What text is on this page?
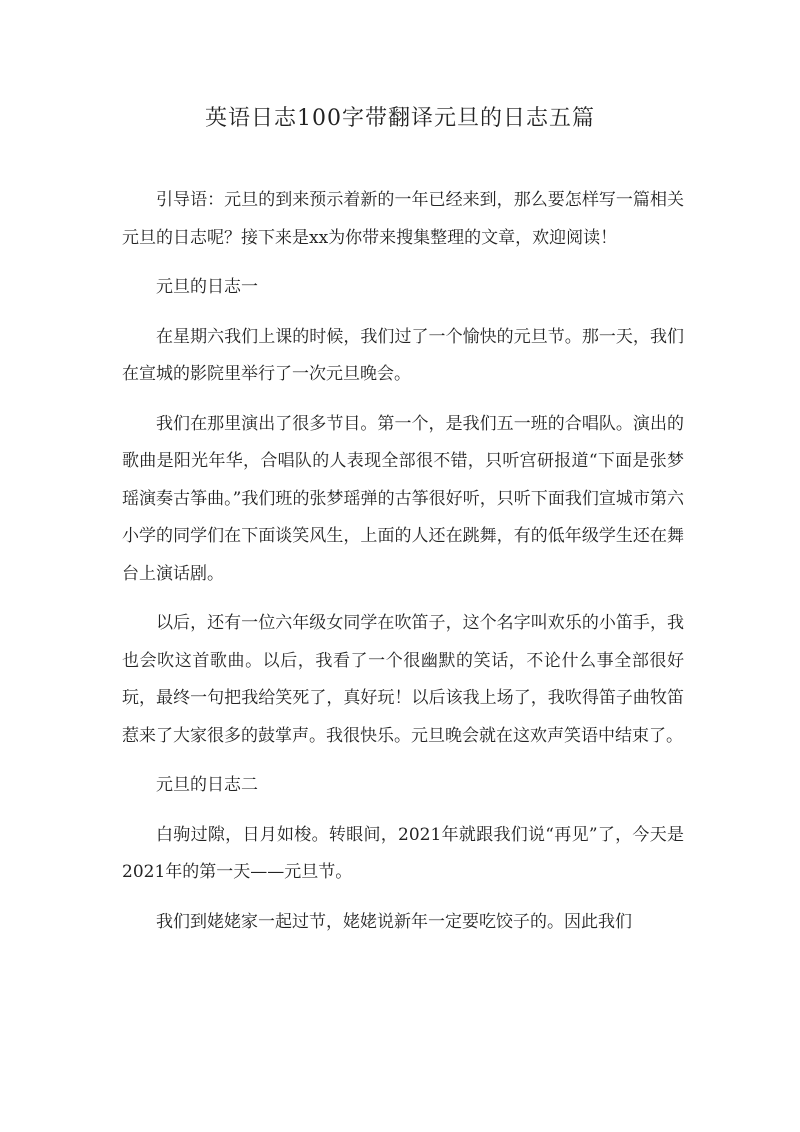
英语日志100字带翻译元旦的日志五篇

引导语：元旦的到来预示着新的一年已经来到，那么要怎样写一篇相关元旦的日志呢？接下来是xx为你带来搜集整理的文章，欢迎阅读！

元旦的日志一

在星期六我们上课的时候，我们过了一个愉快的元旦节。那一天，我们在宣城的影院里举行了一次元旦晚会。

我们在那里演出了很多节目。第一个，是我们五一班的合唱队。演出的歌曲是阳光年华，合唱队的人表现全部很不错，只听宫研报道“下面是张梦瑶演奏古筝曲。”我们班的张梦瑶弹的古筝很好听，只听下面我们宣城市第六小学的同学们在下面谈笑风生，上面的人还在跳舞，有的低年级学生还在舞台上演话剧。

以后，还有一位六年级女同学在吹笛子，这个名字叫欢乐的小笛手，我也会吹这首歌曲。以后，我看了一个很幽默的笑话，不论什么事全部很好玩，最终一句把我给笑死了，真好玩！以后该我上场了，我吹得笛子曲牧笛惹来了大家很多的鼓掌声。我很快乐。元旦晚会就在这欢声笑语中结束了。

元旦的日志二

白驹过隙，日月如梭。转眼间，2021年就跟我们说“再见”了，今天是2021年的第一天——元旦节。

我们到姥姥家一起过节，姥姥说新年一定要吃饺子的。因此我们
